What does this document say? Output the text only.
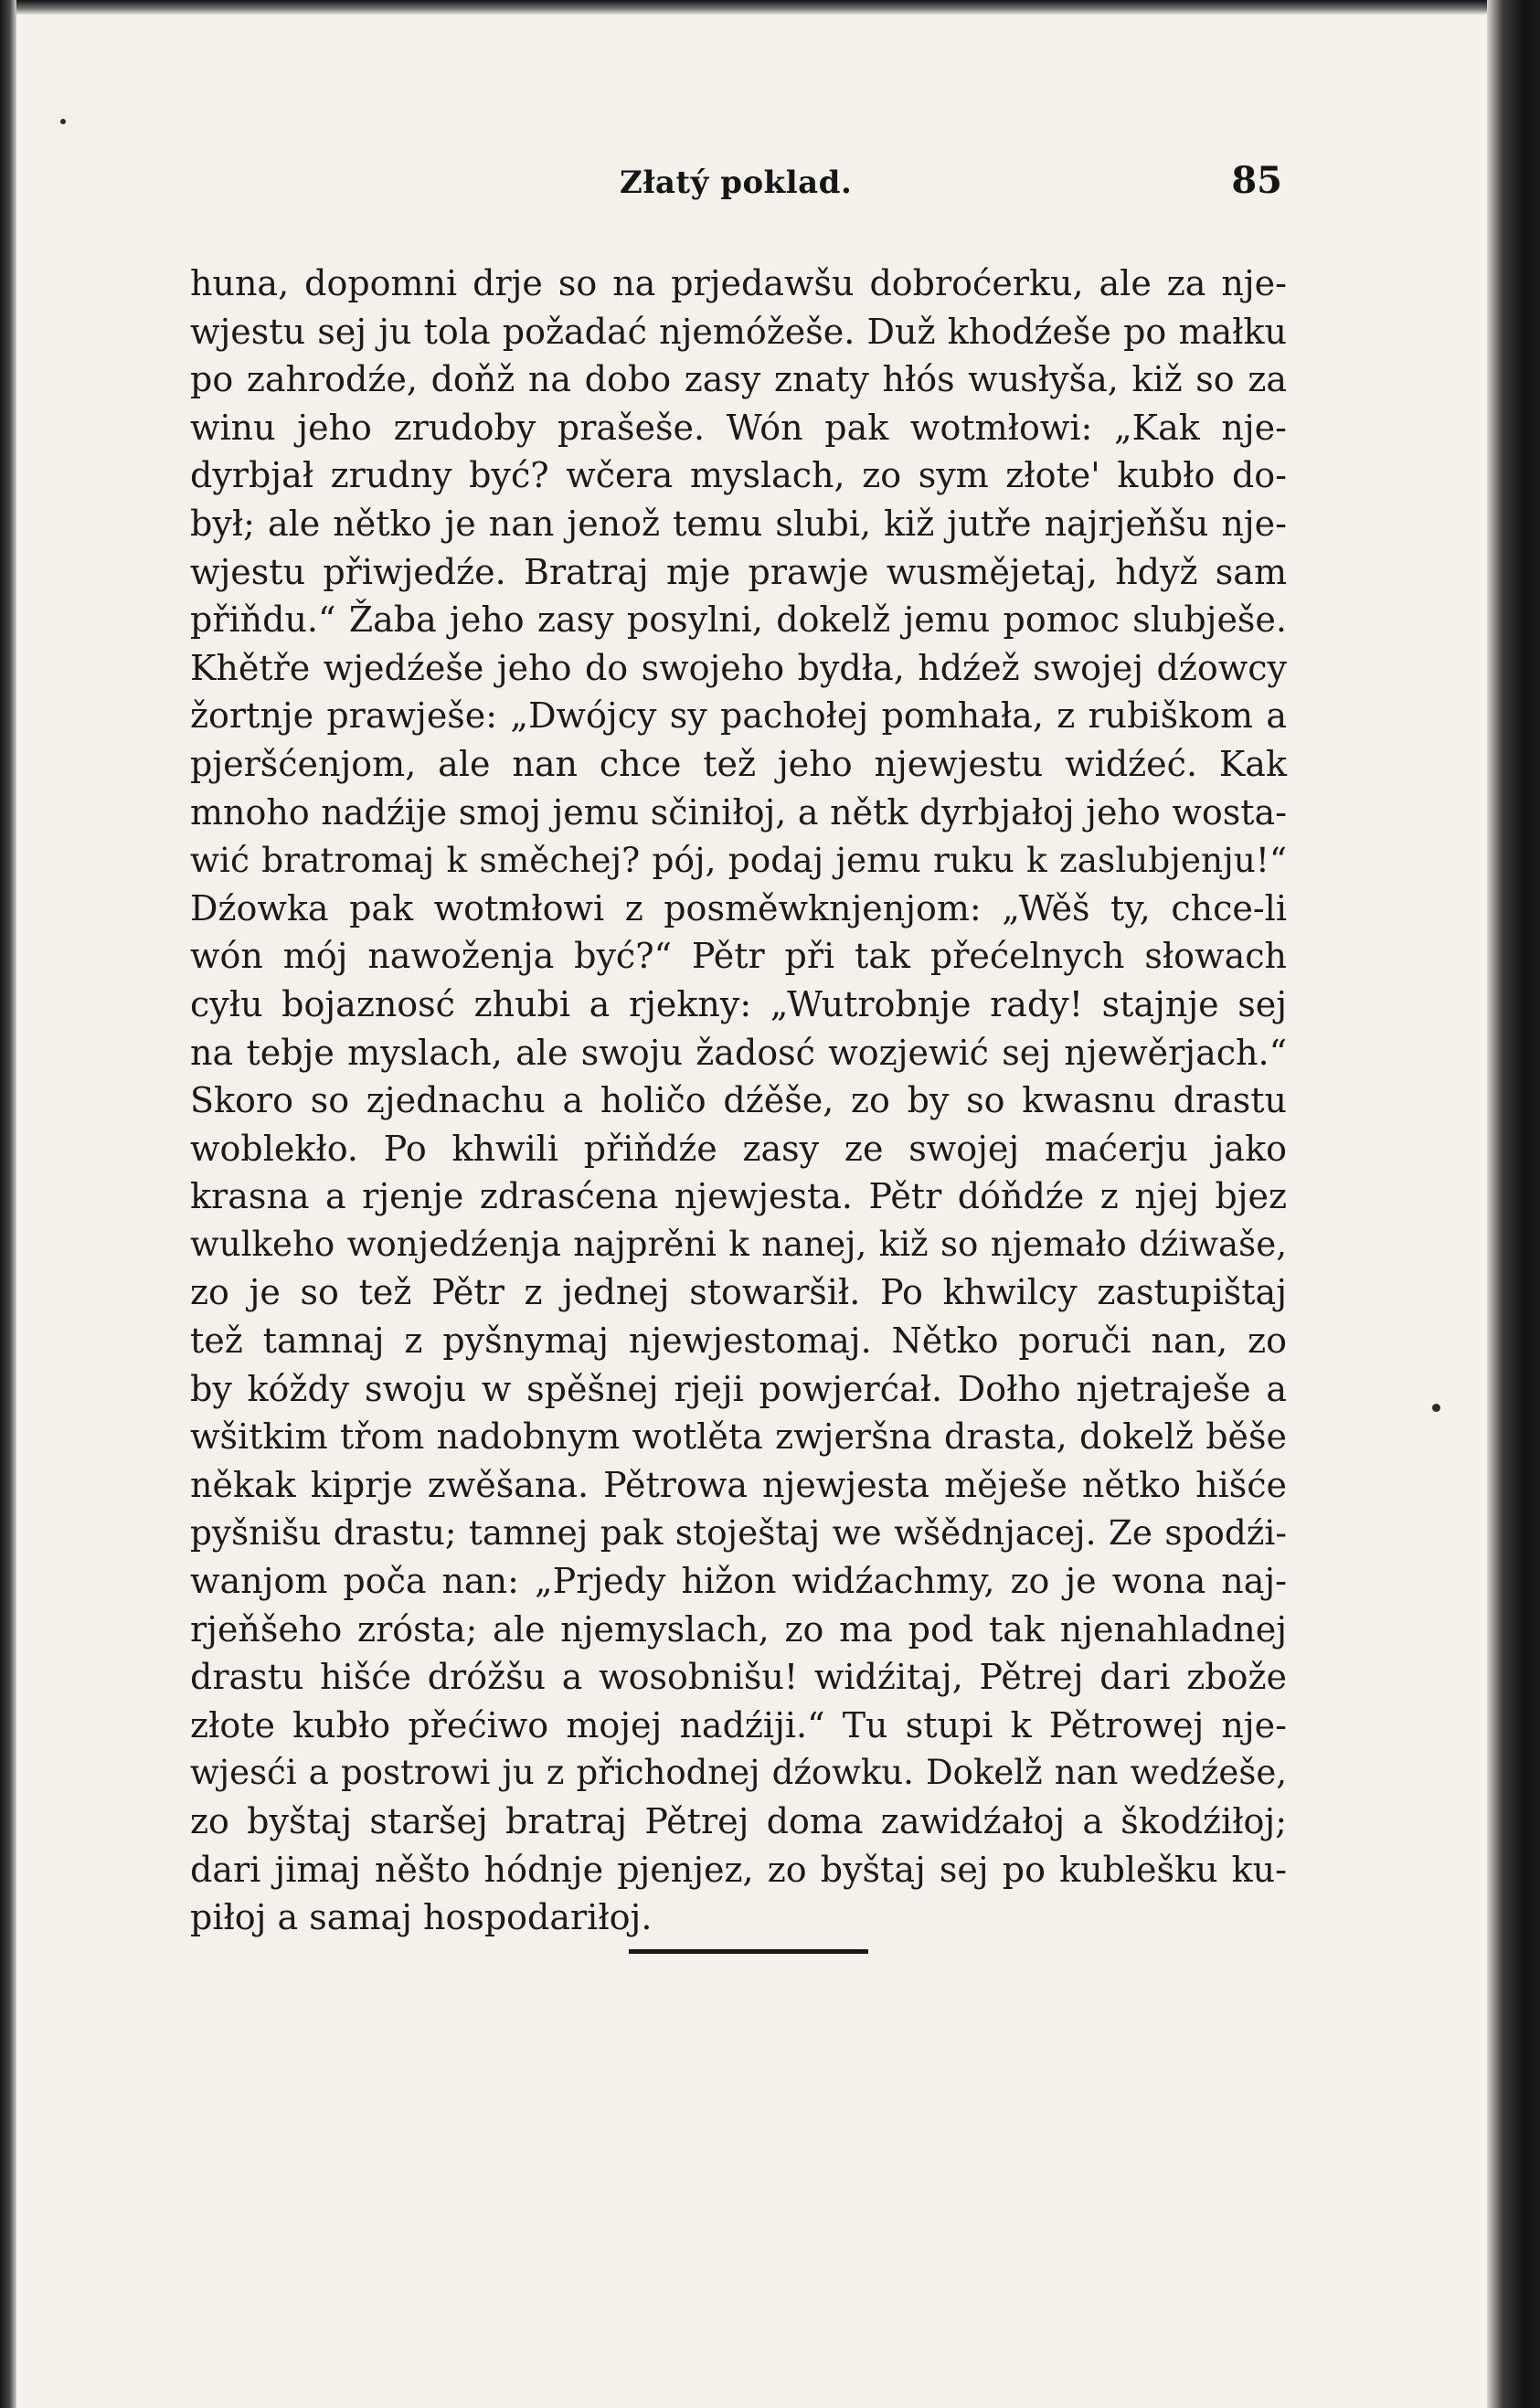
Złatý poklad.	85
huna, dopomni drje so na prjedawšu dobroćerku, ale za nje-
wjestu sej ju tola požadać njemóžeše. Duž khodźeše po małku
po zahrodźe, doňž na dobo zasy znaty hłós wusłyša, kiž so za
winu jeho zrudoby prašeše. Wón pak wotmłowi: „Kak nje-
dyrbjał zrudny być? wčera myslach, zo sym złote' kubło do-
był; ale nětko je nan jenož temu slubi, kiž jutře najrjeňšu nje-
wjestu přiwjedźe. Bratraj mje prawje wusmějetaj, hdyž sam
přiňdu.“ Žaba jeho zasy posylni, dokelž jemu pomoc slubješe.
Khětře wjedźeše jeho do swojeho bydła, hdźež swojej dźowcy
žortnje prawješe: „Dwójcy sy pachołej pomhała, z rubiškom a
pjeršćenjom, ale nan chce tež jeho njewjestu widźeć. Kak
mnoho nadźije smoj jemu sčiniłoj, a nětk dyrbjałoj jeho wosta-
wić bratromaj k směchej? pój, podaj jemu ruku k zaslubjenju!“
Dźowka pak wotmłowi z posměwknjenjom: „Wěš ty, chce-li
wón mój nawoženja być?“ Pětr při tak přećelnych słowach
cyłu bojaznosć zhubi a rjekny: „Wutrobnje rady! stajnje sej
na tebje myslach, ale swoju žadosć wozjewić sej njewěrjach.“
Skoro so zjednachu a holičo dźěše, zo by so kwasnu drastu
woblekło. Po khwili přiňdźe zasy ze swojej maćerju jako
krasna a rjenje zdrasćena njewjesta. Pětr dóňdźe z njej bjez
wulkeho wonjedźenja najprěni k nanej, kiž so njemało dźiwaše,
zo je so tež Pětr z jednej stowaršił. Po khwilcy zastupištaj
tež tamnaj z pyšnymaj njewjestomaj. Nětko poruči nan, zo
by kóždy swoju w spěšnej rjeji powjerćał. Dołho njetraješe a
wšitkim třom nadobnym wotlěta zwjeršna drasta, dokelž běše
někak kiprje zwěšana. Pětrowa njewjesta měješe nětko hišće
pyšnišu drastu; tamnej pak stoještaj we wšědnjacej. Ze spodźi-
wanjom poča nan: „Prjedy hižon widźachmy, zo je wona naj-
rjeňšeho zrósta; ale njemyslach, zo ma pod tak njenahladnej
drastu hišće dróžšu a wosobnišu! widźitaj, Pětrej dari zbože
złote kubło přećiwo mojej nadźiji.“ Tu stupi k Pětrowej nje-
wjesći a postrowi ju z přichodnej dźowku. Dokelž nan wedźeše,
zo byštaj staršej bratraj Pětrej doma zawidźałoj a škodźiłoj;
dari jimaj něšto hódnje pjenjez, zo byštaj sej po kublešku ku-
piłoj a samaj hospodariłoj.
